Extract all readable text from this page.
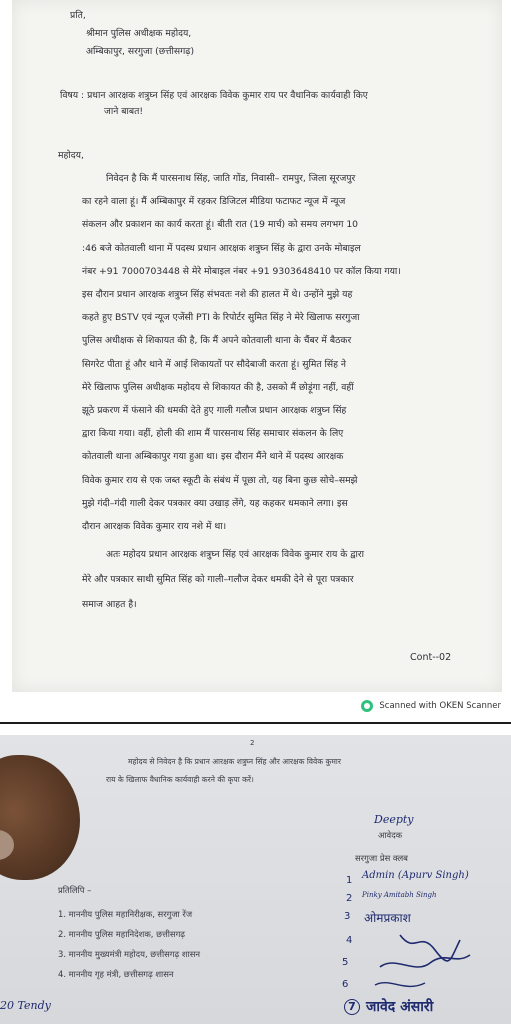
प्रति,
श्रीमान पुलिस अधीक्षक महोदय,
अम्बिकापुर, सरगुजा (छत्तीसगढ़)
विषय : प्रधान आरक्षक शत्रुघ्न सिंह एवं आरक्षक विवेक कुमार राय पर वैधानिक कार्यवाही किए
जाने बाबत!
महोदय,
निवेदन है कि मैं पारसनाथ सिंह, जाति गोंड, निवासी– रामपुर, जिला सूरजपुर
का रहने वाला हूं। मैं अम्बिकापुर में रहकर डिजिटल मीडिया फटाफट न्यूज में न्यूज
संकलन और प्रकाशन का कार्य करता हूं। बीती रात (19 मार्च) को समय लगभग 10
:46 बजे कोतवाली थाना में पदस्थ प्रधान आरक्षक शत्रुघ्न सिंह के द्वारा उनके मोबाइल
नंबर +91 7000703448 से मेरे मोबाइल नंबर +91 9303648410 पर कॉल किया गया।
इस दौरान प्रधान आरक्षक शत्रुघ्न सिंह संभवतः नशे की हालत में थे। उन्होंने मुझे यह
कहते हुए BSTV एवं न्यूज एजेंसी PTI के रिपोर्टर सुमित सिंह ने मेरे खिलाफ सरगुजा
पुलिस अधीक्षक से शिकायत की है, कि मैं अपने कोतवाली थाना के चैंबर में बैठकर
सिगरेट पीता हूं और थाने में आई शिकायतों पर सौदेबाजी करता हूं। सुमित सिंह ने
मेरे खिलाफ पुलिस अधीक्षक महोदय से शिकायत की है, उसको मैं छोड़ूंगा नहीं, वहीं
झूठे प्रकरण में फंसाने की धमकी देते हुए गाली गलौज प्रधान आरक्षक शत्रुघ्न सिंह
द्वारा किया गया। वहीं, होली की शाम मैं पारसनाथ सिंह समाचार संकलन के लिए
कोतवाली थाना अम्बिकापुर गया हुआ था। इस दौरान मैंने थाने में पदस्थ आरक्षक
विवेक कुमार राय से एक जब्त स्कूटी के संबंध में पूछा तो, यह बिना कुछ सोचे–समझे
मुझे गंदी–गंदी गाली देकर पत्रकार क्या उखाड़ लेंगे, यह कहकर धमकाने लगा। इस
दौरान आरक्षक विवेक कुमार राय नशे में था।
अतः महोदय प्रधान आरक्षक शत्रुघ्न सिंह एवं आरक्षक विवेक कुमार राय के द्वारा
मेरे और पत्रकार साथी सुमित सिंह को गाली–गलौज देकर धमकी देने से पूरा पत्रकार
समाज आहत है।
Cont--02
Scanned with OKEN Scanner
2
महोदय से निवेदन है कि प्रधान आरक्षक शत्रुघ्न सिंह और आरक्षक विवेक कुमार
राय के खिलाफ वैधानिक कार्यवाही करने की कृपा करें।
Deepty
आवेदक
सरगुजा प्रेस क्लब
प्रतिलिपि –
1. माननीय पुलिस महानिरीक्षक, सरगुजा रेंज
2. माननीय पुलिस महानिदेशक, छत्तीसगढ़
3. माननीय मुख्यमंत्री महोदय, छत्तीसगढ़ शासन
4. माननीय गृह मंत्री, छत्तीसगढ़ शासन
1
2
3
4
5
6
7
Admin (Apurv Singh)
Pinky Amitabh Singh
ओमप्रकाश
जावेद अंसारी
20 Tendy
